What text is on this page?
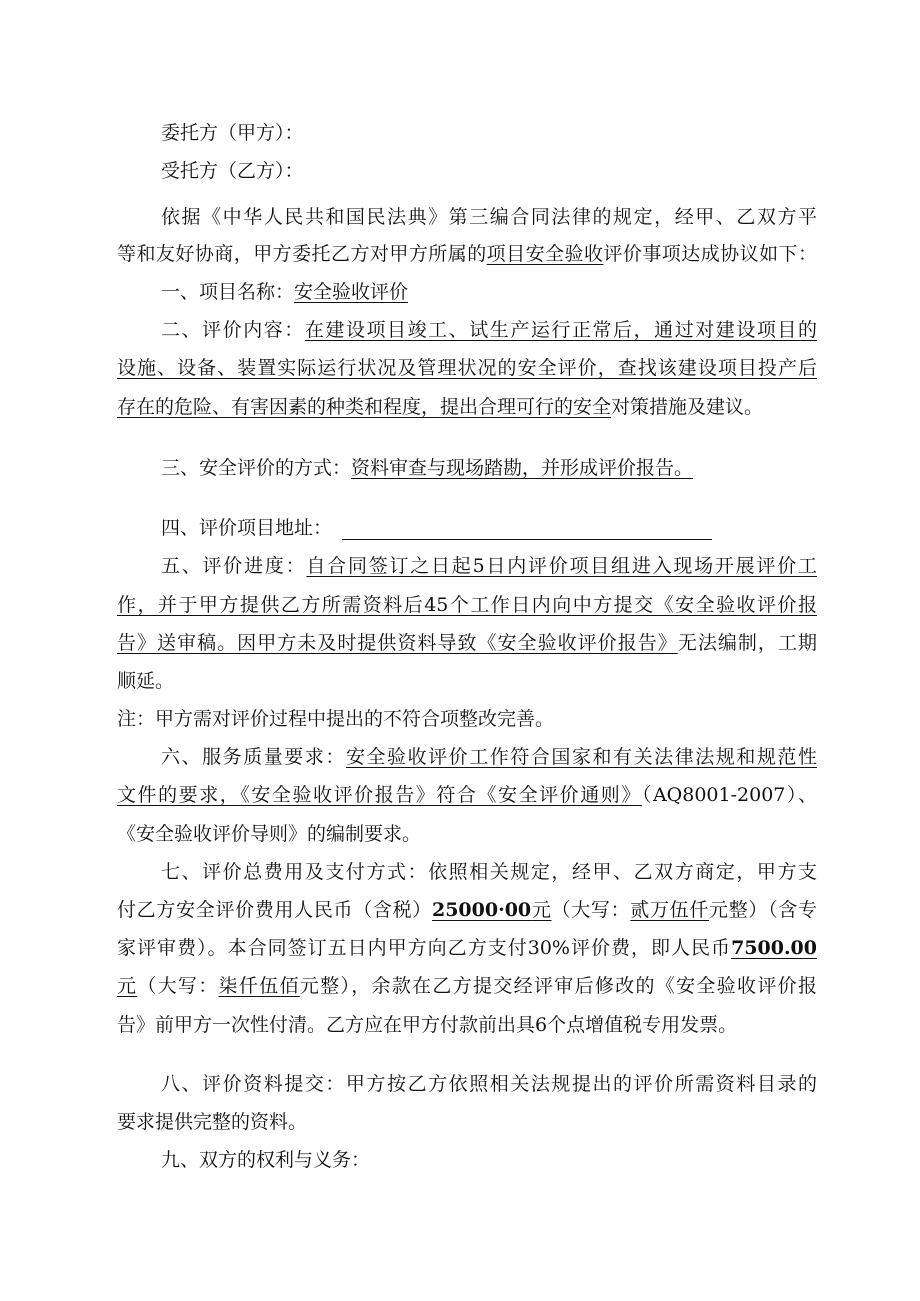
委托方（甲方）：
受托方（乙方）：
依据《中华人民共和国民法典》第三编合同法律的规定，经甲、乙双方平
等和友好协商，甲方委托乙方对甲方所属的项目安全验收评价事项达成协议如下：
一、项目名称：安全验收评价
二、评价内容：在建设项目竣工、试生产运行正常后，通过对建设项目的
设施、设备、装置实际运行状况及管理状况的安全评价，查找该建设项目投产后
存在的危险、有害因素的种类和程度，提出合理可行的安全对策措施及建议。
三、安全评价的方式：资料审查与现场踏勘，并形成评价报告。
四、评价项目地址：
五、评价进度：自合同签订之日起5日内评价项目组进入现场开展评价工
作，并于甲方提供乙方所需资料后45个工作日内向中方提交《安全验收评价报
告》送审稿。因甲方未及时提供资料导致《安全验收评价报告》无法编制，工期
顺延。
注：甲方需对评价过程中提出的不符合项整改完善。
六、服务质量要求：安全验收评价工作符合国家和有关法律法规和规范性
文件的要求，《安全验收评价报告》符合《安全评价通则》（AQ8001-2007）、
《安全验收评价导则》的编制要求。
七、评价总费用及支付方式：依照相关规定，经甲、乙双方商定，甲方支
付乙方安全评价费用人民币（含税）25000·00元（大写：贰万伍仟元整）（含专
家评审费）。本合同签订五日内甲方向乙方支付30%评价费，即人民币7500.00
元（大写：柒仟伍佰元整），余款在乙方提交经评审后修改的《安全验收评价报
告》前甲方一次性付清。乙方应在甲方付款前出具6个点增值税专用发票。
八、评价资料提交：甲方按乙方依照相关法规提出的评价所需资料目录的
要求提供完整的资料。
九、双方的权利与义务：
